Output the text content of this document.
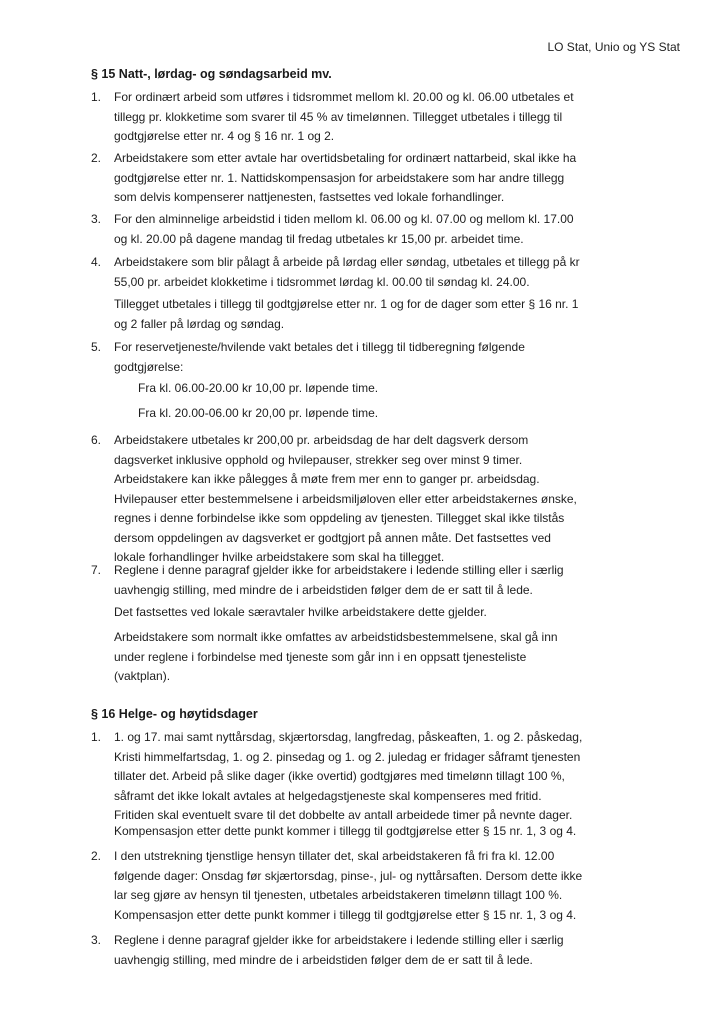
LO Stat, Unio og YS Stat
§ 15 Natt-, lørdag- og søndagsarbeid mv.
1. For ordinært arbeid som utføres i tidsrommet mellom kl. 20.00 og kl. 06.00 utbetales et
tillegg pr. klokketime som svarer til 45 % av timelønnen. Tillegget utbetales i tillegg til
godtgjørelse etter nr. 4 og § 16 nr. 1 og 2.
2. Arbeidstakere som etter avtale har overtidsbetaling for ordinært nattarbeid, skal ikke ha
godtgjørelse etter nr. 1. Nattidskompensasjon for arbeidstakere som har andre tillegg
som delvis kompenserer nattjenesten, fastsettes ved lokale forhandlinger.
3. For den alminnelige arbeidstid i tiden mellom kl. 06.00 og kl. 07.00 og mellom kl. 17.00
og kl. 20.00 på dagene mandag til fredag utbetales kr 15,00 pr. arbeidet time.
4. Arbeidstakere som blir pålagt å arbeide på lørdag eller søndag, utbetales et tillegg på kr
55,00 pr. arbeidet klokketime i tidsrommet lørdag kl. 00.00 til søndag kl. 24.00.
Tillegget utbetales i tillegg til godtgjørelse etter nr. 1 og for de dager som etter § 16 nr. 1
og 2 faller på lørdag og søndag.
5. For reservetjeneste/hvilende vakt betales det i tillegg til tidberegning følgende
godtgjørelse:
Fra kl. 06.00-20.00 kr 10,00 pr. løpende time.
Fra kl. 20.00-06.00 kr 20,00 pr. løpende time.
6. Arbeidstakere utbetales kr 200,00 pr. arbeidsdag de har delt dagsverk dersom
dagsverket inklusive opphold og hvilepauser, strekker seg over minst 9 timer.
Arbeidstakere kan ikke pålegges å møte frem mer enn to ganger pr. arbeidsdag.
Hvilepauser etter bestemmelsene i arbeidsmiljøloven eller etter arbeidstakernes ønske,
regnes i denne forbindelse ikke som oppdeling av tjenesten. Tillegget skal ikke tilstås
dersom oppdelingen av dagsverket er godtgjort på annen måte. Det fastsettes ved
lokale forhandlinger hvilke arbeidstakere som skal ha tillegget.
7. Reglene i denne paragraf gjelder ikke for arbeidstakere i ledende stilling eller i særlig
uavhengig stilling, med mindre de i arbeidstiden følger dem de er satt til å lede.
Det fastsettes ved lokale særavtaler hvilke arbeidstakere dette gjelder.
Arbeidstakere som normalt ikke omfattes av arbeidstidsbestemmelsene, skal gå inn
under reglene i forbindelse med tjeneste som går inn i en oppsatt tjenesteliste
(vaktplan).
§ 16 Helge- og høytidsdager
1. 1. og 17. mai samt nyttårsdag, skjærtorsdag, langfredag, påskeaften, 1. og 2. påskedag,
Kristi himmelfartsdag, 1. og 2. pinsedag og 1. og 2. juledag er fridager såframt tjenesten
tillater det. Arbeid på slike dager (ikke overtid) godtgjøres med timelønn tillagt 100 %,
såframt det ikke lokalt avtales at helgedagstjeneste skal kompenseres med fritid.
Fritiden skal eventuelt svare til det dobbelte av antall arbeidede timer på nevnte dager.
Kompensasjon etter dette punkt kommer i tillegg til godtgjørelse etter § 15 nr. 1, 3 og 4.
2. I den utstrekning tjenstlige hensyn tillater det, skal arbeidstakeren få fri fra kl. 12.00
følgende dager: Onsdag før skjærtorsdag, pinse-, jul- og nyttårsaften. Dersom dette ikke
lar seg gjøre av hensyn til tjenesten, utbetales arbeidstakeren timelønn tillagt 100 %.
Kompensasjon etter dette punkt kommer i tillegg til godtgjørelse etter § 15 nr. 1, 3 og 4.
3. Reglene i denne paragraf gjelder ikke for arbeidstakere i ledende stilling eller i særlig
uavhengig stilling, med mindre de i arbeidstiden følger dem de er satt til å lede.
